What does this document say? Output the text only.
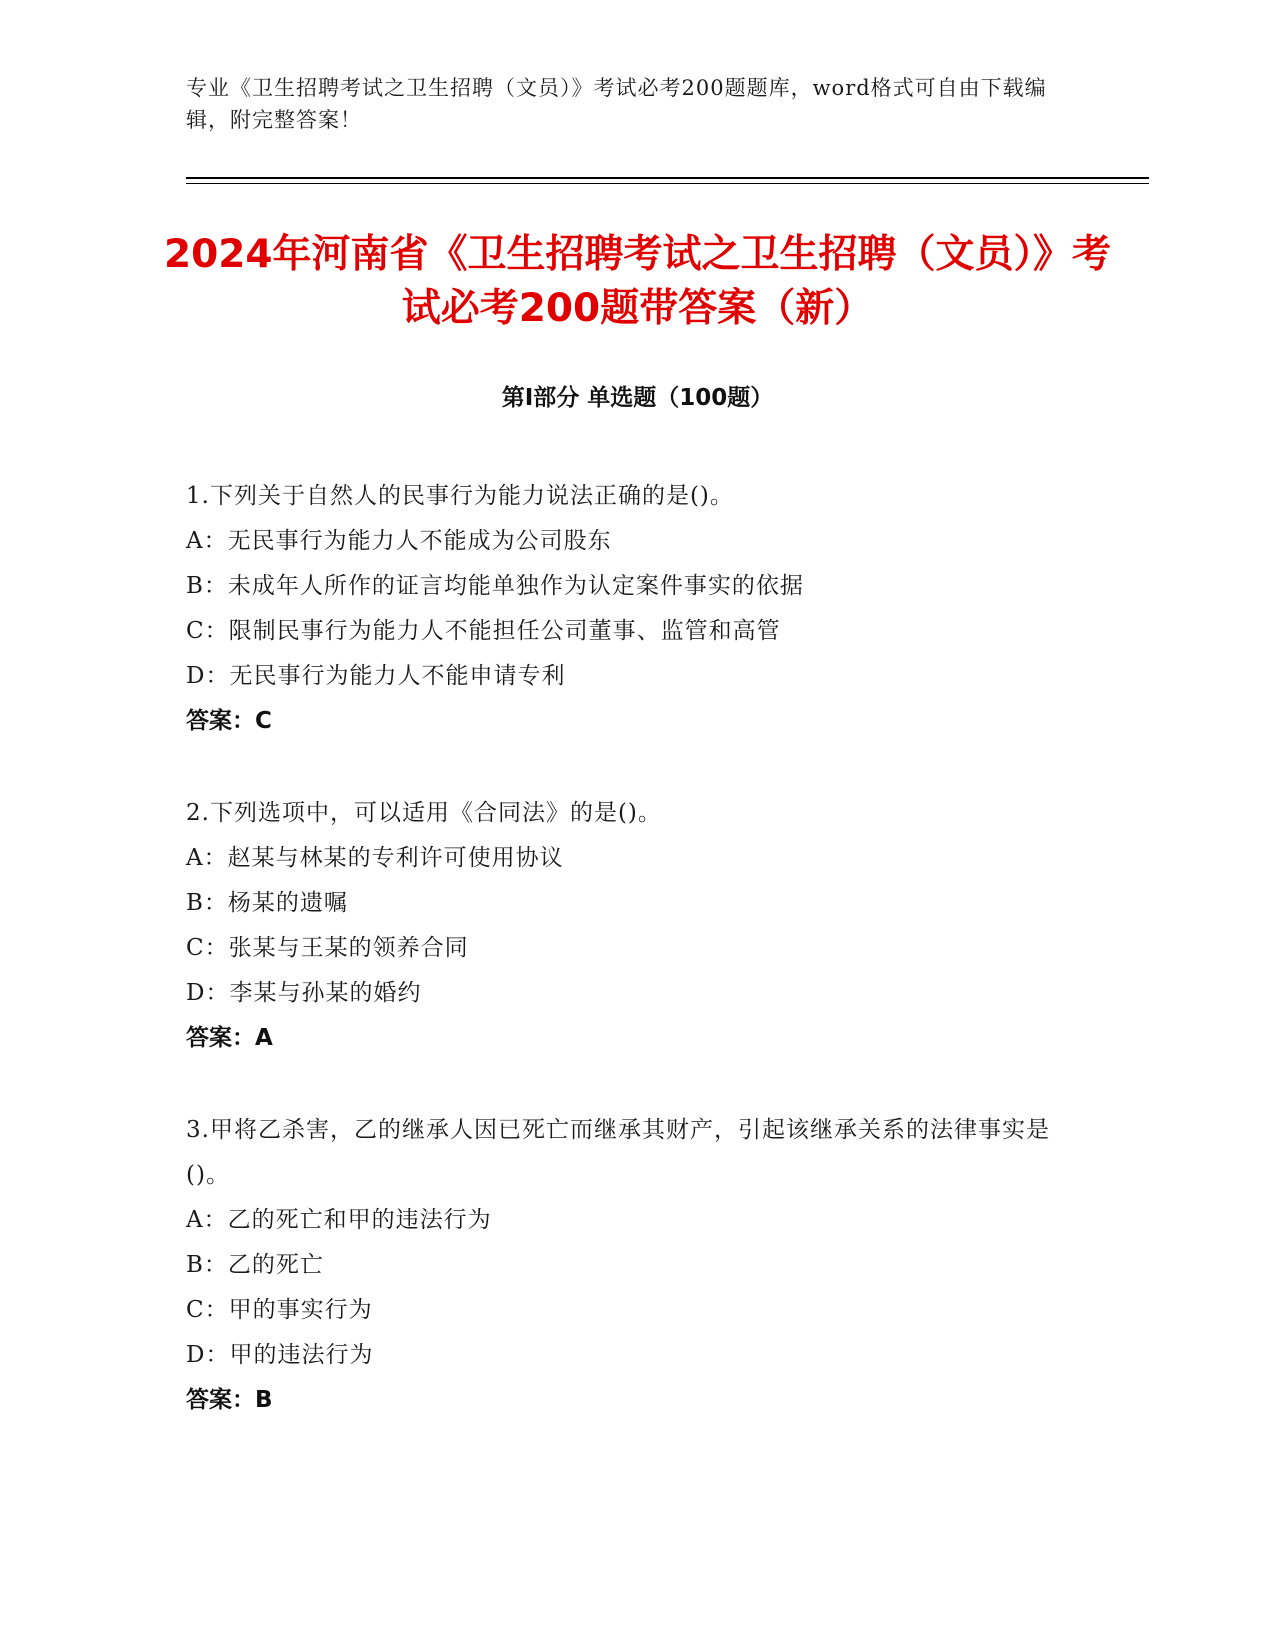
专业《卫生招聘考试之卫生招聘（文员）》考试必考200题题库，word格式可自由下载编辑，附完整答案！
2024年河南省《卫生招聘考试之卫生招聘（文员）》考试必考200题带答案（新）
第Ⅰ部分 单选题（100题）
1.下列关于自然人的民事行为能力说法正确的是()。
A：无民事行为能力人不能成为公司股东
B：未成年人所作的证言均能单独作为认定案件事实的依据
C：限制民事行为能力人不能担任公司董事、监管和高管
D：无民事行为能力人不能申请专利
答案：C
2.下列选项中，可以适用《合同法》的是()。
A：赵某与林某的专利许可使用协议
B：杨某的遗嘱
C：张某与王某的领养合同
D：李某与孙某的婚约
答案：A
3.甲将乙杀害，乙的继承人因已死亡而继承其财产，引起该继承关系的法律事实是()。
A：乙的死亡和甲的违法行为
B：乙的死亡
C：甲的事实行为
D：甲的违法行为
答案：B
